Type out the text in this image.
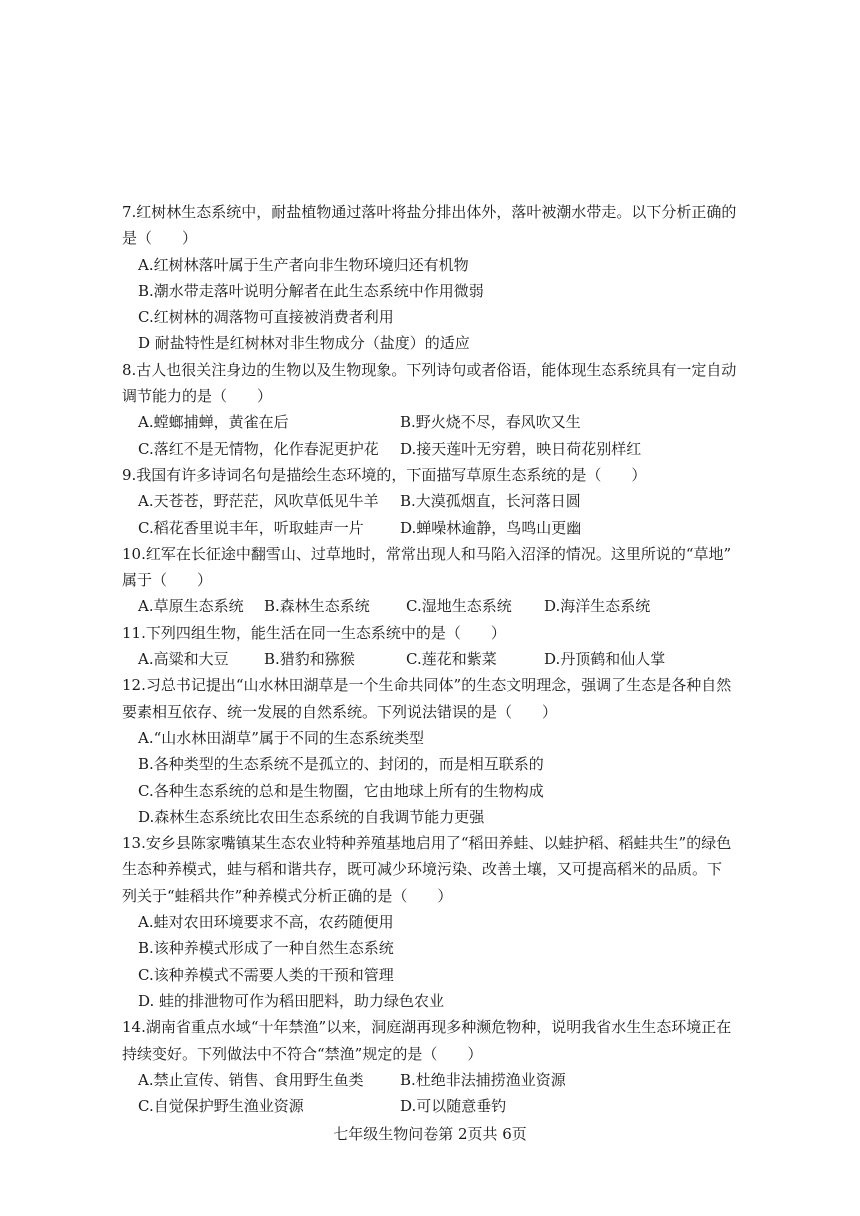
7.红树林生态系统中，耐盐植物通过落叶将盐分排出体外，落叶被潮水带走。以下分析正确的
是（　　）
A.红树林落叶属于生产者向非生物环境归还有机物
B.潮水带走落叶说明分解者在此生态系统中作用微弱
C.红树林的凋落物可直接被消费者利用
D 耐盐特性是红树林对非生物成分（盐度）的适应
8.古人也很关注身边的生物以及生物现象。下列诗句或者俗语，能体现生态系统具有一定自动
调节能力的是（　　）
A.螳螂捕蝉，黄雀在后	B.野火烧不尽，春风吹又生
C.落红不是无情物，化作春泥更护花	D.接天莲叶无穷碧，映日荷花别样红
9.我国有许多诗词名句是描绘生态环境的，下面描写草原生态系统的是（　　）
A.天苍苍，野茫茫，风吹草低见牛羊	B.大漠孤烟直，长河落日圆
C.稻花香里说丰年，听取蛙声一片	D.蝉噪林逾静，鸟鸣山更幽
10.红军在长征途中翻雪山、过草地时，常常出现人和马陷入沼泽的情况。这里所说的“草地”
属于（　　）
A.草原生态系统	B.森林生态系统	C.湿地生态系统	D.海洋生态系统
11.下列四组生物，能生活在同一生态系统中的是（　　）
A.高粱和大豆	B.猎豹和猕猴	C.莲花和紫菜	D.丹顶鹤和仙人掌
12.习总书记提出“山水林田湖草是一个生命共同体”的生态文明理念，强调了生态是各种自然
要素相互依存、统一发展的自然系统。下列说法错误的是（　　）
A.“山水林田湖草”属于不同的生态系统类型
B.各种类型的生态系统不是孤立的、封闭的，而是相互联系的
C.各种生态系统的总和是生物圈，它由地球上所有的生物构成
D.森林生态系统比农田生态系统的自我调节能力更强
13.安乡县陈家嘴镇某生态农业特种养殖基地启用了“稻田养蛙、以蛙护稻、稻蛙共生”的绿色
生态种养模式，蛙与稻和谐共存，既可减少环境污染、改善土壤，又可提高稻米的品质。下
列关于“蛙稻共作”种养模式分析正确的是（　　）
A.蛙对农田环境要求不高，农药随便用
B.该种养模式形成了一种自然生态系统
C.该种养模式不需要人类的干预和管理
D. 蛙的排泄物可作为稻田肥料，助力绿色农业
14.湖南省重点水域“十年禁渔”以来，洞庭湖再现多种濒危物种，说明我省水生生态环境正在
持续变好。下列做法中不符合“禁渔”规定的是（　　）
A.禁止宣传、销售、食用野生鱼类	B.杜绝非法捕捞渔业资源
C.自觉保护野生渔业资源	D.可以随意垂钓
七年级生物问卷第 2页共 6页
